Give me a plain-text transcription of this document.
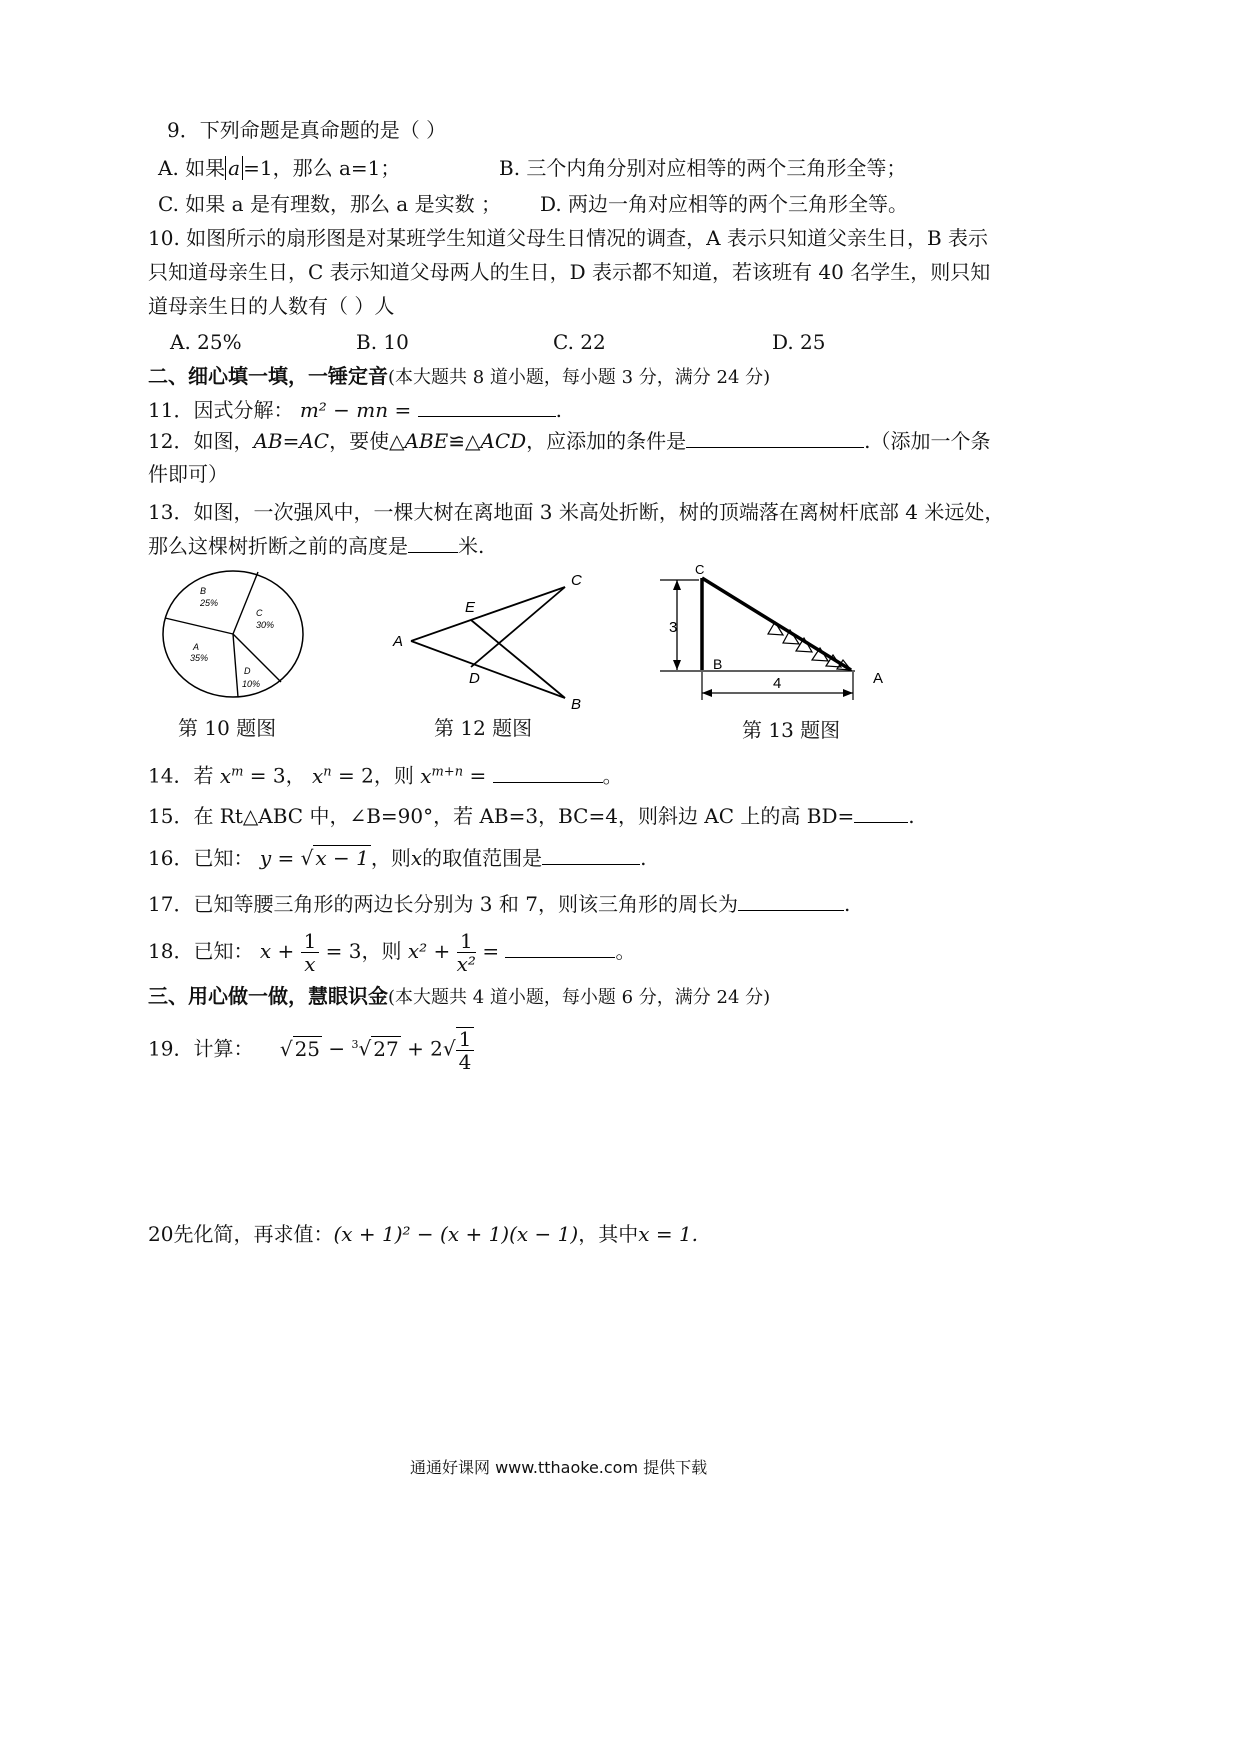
9．下列命题是真命题的是（ ）
A. 如果 a =1，那么 a=1；	B. 三个内角分别对应相等的两个三角形全等；
C. 如果 a 是有理数，那么 a 是实数 ； D. 两边一角对应相等的两个三角形全等。
10. 如图所示的扇形图是对某班学生知道父母生日情况的调查，A 表示只知道父亲生日，B 表示
只知道母亲生日，C 表示知道父母两人的生日，D 表示都不知道，若该班有 40 名学生，则只知
道母亲生日的人数有（ ）人
A. 25%	B. 10	C. 22	D. 25
二、细心填一填，一锤定音(本大题共 8 道小题，每小题 3 分，满分 24 分)
11．因式分解： m² − mn =	.
12．如图，AB=AC，要使△ABE≌△ACD，应添加的条件是	.（添加一个条
件即可）
13．如图，一次强风中，一棵大树在离地面 3 米高处折断，树的顶端落在离树杆底部 4 米远处，
那么这棵树折断之前的高度是	米.
B
25%
C
30%
A
35%
D
10%
第 10 题图
A
C
E
D
B
第 12 题图
C
3
B
A
4
第 13 题图
14．若 $x^m = 3$， $x^n = 2$，则 $x^{m+n}$ =	。
15．在 Rt△ABC 中，∠B=90°，若 AB=3，BC=4，则斜边 AC 上的高 BD=	.
16．已知： y = √ x − 1 ，则x的取值范围是	.
17．已知等腰三角形的两边长分别为 3 和 7，则该三角形的周长为	.
18．已知： $x + \frac{1}{x} = 3$，则 $x^2 + \frac{1}{\text{x²}}$ =	。
三、用心做一做，慧眼识金(本大题共 4 道小题，每小题 6 分，满分 24 分)
19．计算： √ 25 − $^3$√ $27 + 2√ \frac{1}{4}$
20先化简，再求值：(x + 1)² − (x + 1)(x − 1)，其中x = 1.
通通好课网 www.tthaoke.com 提供下载
